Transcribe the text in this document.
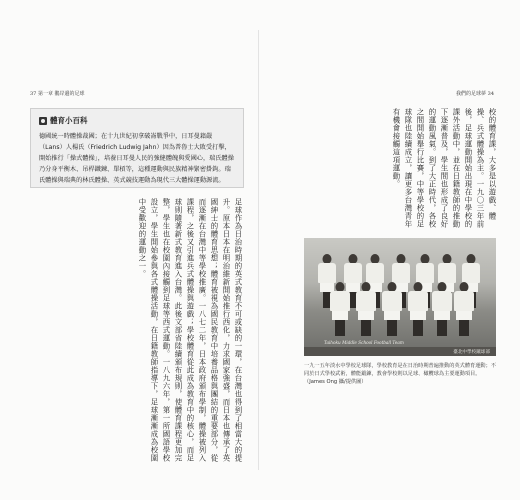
37 第一章 鵝岸邊的足球	我們的足球夢 34
體育小百科
德國統一時體操裁國；在十九世紀初拿破崙戰爭中，日耳曼籍嚴（Lans）人楊氏（Friedrich Ludwig Jahn）因為普魯士大敗受打擊，開始推行「操式體操」，培養日耳曼人民的強健體魄與愛國心，瑞氏體操乃分身平衡木、吊桿鐵鍊、單槓等，這種運動與民族精神緊密掛鉤。瑞氏體操與瑞典的林氏體操、英式競技運動為現代三大體操運動源流。
足球作為日治時期的英式教育不可或缺的一環，在台灣也得到了相當大的提升。原本日本在明治維新開始推行西化，力求國家強盛，而日本也傳承了英國紳士的體育思想；體育被視為國民教育中培養品格與團結的重要部分，從而逐漸在台灣中等學校推廣。一八七二年，日本政府頒布學制，體操被列入課程，之後又引進兵式體操與遊戲；學校體育從此成為教育中的核心，而足球則隨著新式教育進入台灣。此後文部省陸續頒布規則，使體育課程更加完整，學生也在校園內接觸到足球等西式運動。一八九六年，第一所國語學校設立，學生開始參與各式體操活動，在日籍教師指導下，足球漸漸成為校園中受歡迎的運動之一。
校的體育課，大多是以遊戲、體操、兵式體操為主。一九〇三年前後，足球運動開始出現在中學校的課外活動中，並在日籍教師的推動下逐漸普及，學生間也形成了良好的運動風氣。到了大正時代，各校之間開始舉行比賽，中等學校的足球隊也陸續成立，讓更多台灣青年有機會接觸這項運動。
Taihoku Middle School Football Team
臺北中學校蹴球部
一九一五年淡水中學校足球隊，學校教育是在日治時期普遍推動的英式體育運動；不同於日式學校武術，體能鍛鍊，教會學校則以足球、橄欖球為主要運動項目。（James Ong 攝/提供圖）
